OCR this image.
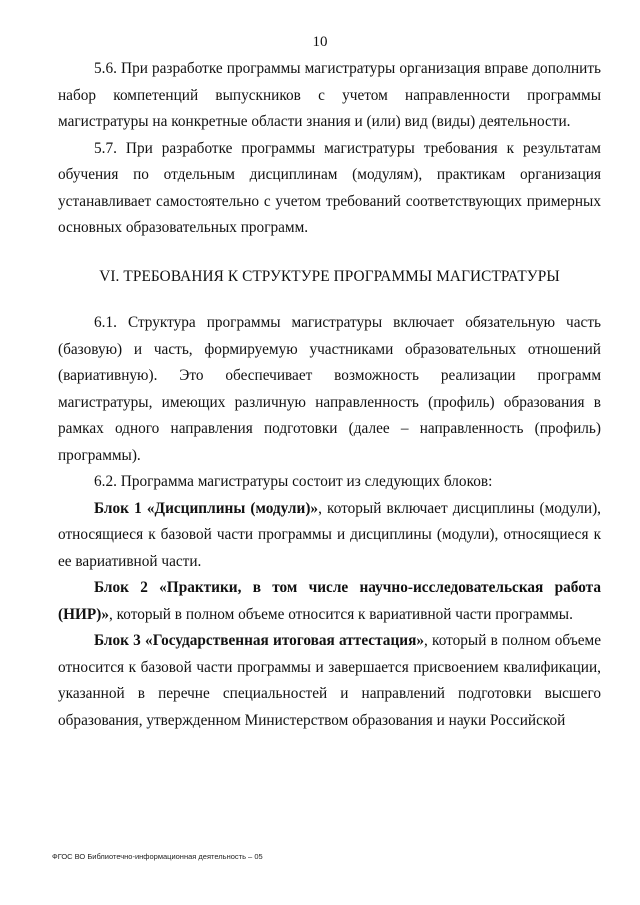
10

5.6. При разработке программы магистратуры организация вправе дополнить набор компетенций выпускников с учетом направленности программы магистратуры на конкретные области знания и (или) вид (виды) деятельности.

5.7. При разработке программы магистратуры требования к результатам обучения по отдельным дисциплинам (модулям), практикам организация устанавливает самостоятельно с учетом требований соответствующих примерных основных образовательных программ.

VI. ТРЕБОВАНИЯ К СТРУКТУРЕ ПРОГРАММЫ МАГИСТРАТУРЫ

6.1. Структура программы магистратуры включает обязательную часть (базовую) и часть, формируемую участниками образовательных отношений (вариативную). Это обеспечивает возможность реализации программ магистратуры, имеющих различную направленность (профиль) образования в рамках одного направления подготовки (далее – направленность (профиль) программы).

6.2. Программа магистратуры состоит из следующих блоков:

Блок 1 «Дисциплины (модули)», который включает дисциплины (модули), относящиеся к базовой части программы и дисциплины (модули), относящиеся к ее вариативной части.

Блок 2 «Практики, в том числе научно-исследовательская работа (НИР)», который в полном объеме относится к вариативной части программы.

Блок 3 «Государственная итоговая аттестация», который в полном объеме относится к базовой части программы и завершается присвоением квалификации, указанной в перечне специальностей и направлений подготовки высшего образования, утвержденном Министерством образования и науки Российской

ФГОС ВО Библиотечно-информационная деятельность – 05
